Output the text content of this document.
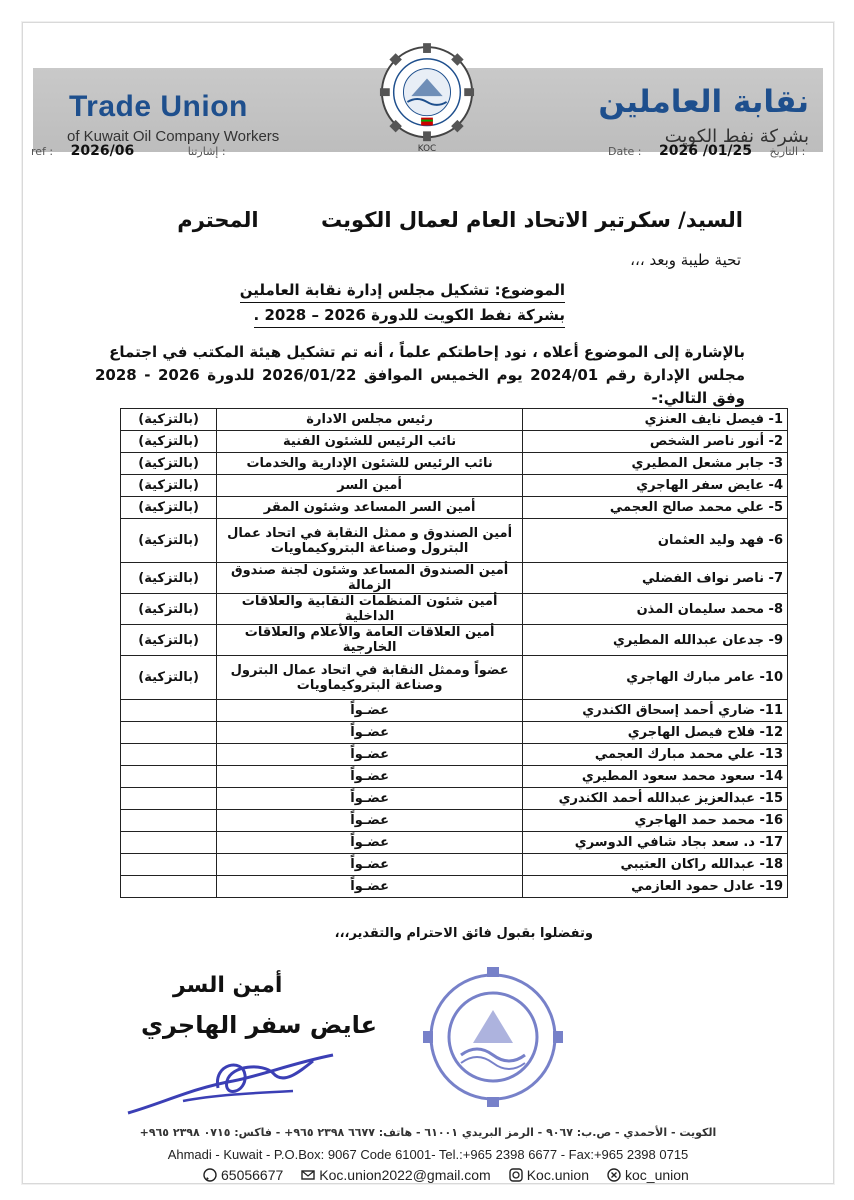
Trade Union
of Kuwait Oil Company Workers
نقابة العاملين
بشركة نفط الكويت
KOC
ref : 2026/06	إشارتنا :	Date : 2026 /01/25 التاريخ :
السيد/ سكرتير الاتحاد العام لعمال الكويت المحترم
تحية طيبة وبعد ،،،
الموضوع: تشكيل مجلس إدارة نقابة العاملين
بشركة نفط الكويت للدورة 2026 – 2028 .
بالإشارة إلى الموضوع أعلاه ، نود إحاطتكم علماً ، أنه تم تشكيل هيئة المكتب في اجتماع
مجلس الإدارة رقم 2024/01 يوم الخميس الموافق 2026/01/22 للدورة 2026 - 2028 وفق التالي:-
1- فيصل نايف العنزي	رئيس مجلس الادارة	(بالتزكية)
2- أنور ناصر الشخص	نائب الرئيس للشئون الفنية	(بالتزكية)
3- جابر مشعل المطيري	نائب الرئيس للشئون الإدارية والخدمات	(بالتزكية)
4- عايض سفر الهاجري	أمين السر	(بالتزكية)
5- علي محمد صالح العجمي	أمين السر المساعد وشئون المقر	(بالتزكية)
6- فهد وليد العثمان	أمين الصندوق و ممثل النقابة في اتحاد عمال البترول وصناعة البتروكيماويات	(بالتزكية)
7- ناصر نواف الفضلي	أمين الصندوق المساعد وشئون لجنة صندوق الزمالة	(بالتزكية)
8- محمد سليمان المذن	أمين شئون المنظمات النقابية والعلاقات الداخلية	(بالتزكية)
9- جدعان عبدالله المطيري	أمين العلاقات العامة والأعلام والعلاقات الخارجية	(بالتزكية)
10- عامر مبارك الهاجري	عضواً وممثل النقابة في اتحاد عمال البترول وصناعة البتروكيماويات	(بالتزكية)
11- ضاري أحمد إسحاق الكندري	عضـواً	
12- فلاح فيصل الهاجري	عضـواً	
13- علي محمد مبارك العجمي	عضـواً	
14- سعود محمد سعود المطيري	عضـواً	
15- عبدالعزيز عبدالله أحمد الكندري	عضـواً	
16- محمد حمد الهاجري	عضـواً	
17- د. سعد بجاد شافي الدوسري	عضـواً	
18- عبدالله راكان العتيبي	عضـواً	
19- عادل حمود العازمي	عضـواً	
وتفضلوا بقبول فائق الاحترام والتقدير،،،
أمين السر
عايض سفر الهاجري
الكويت - الأحمدي - ص.ب: ٩٠٦٧ - الرمز البريدي ٦١٠٠١ - هاتف: ٦٦٧٧ ٢٣٩٨ ٩٦٥+ - فاكس: ٠٧١٥ ٢٣٩٨ ٩٦٥+
Ahmadi - Kuwait - P.O.Box: 9067 Code 61001- Tel.:+965 2398 6677 - Fax:+965 2398 0715
65056677	Koc.union2022@gmail.com	Koc.union	koc_union
